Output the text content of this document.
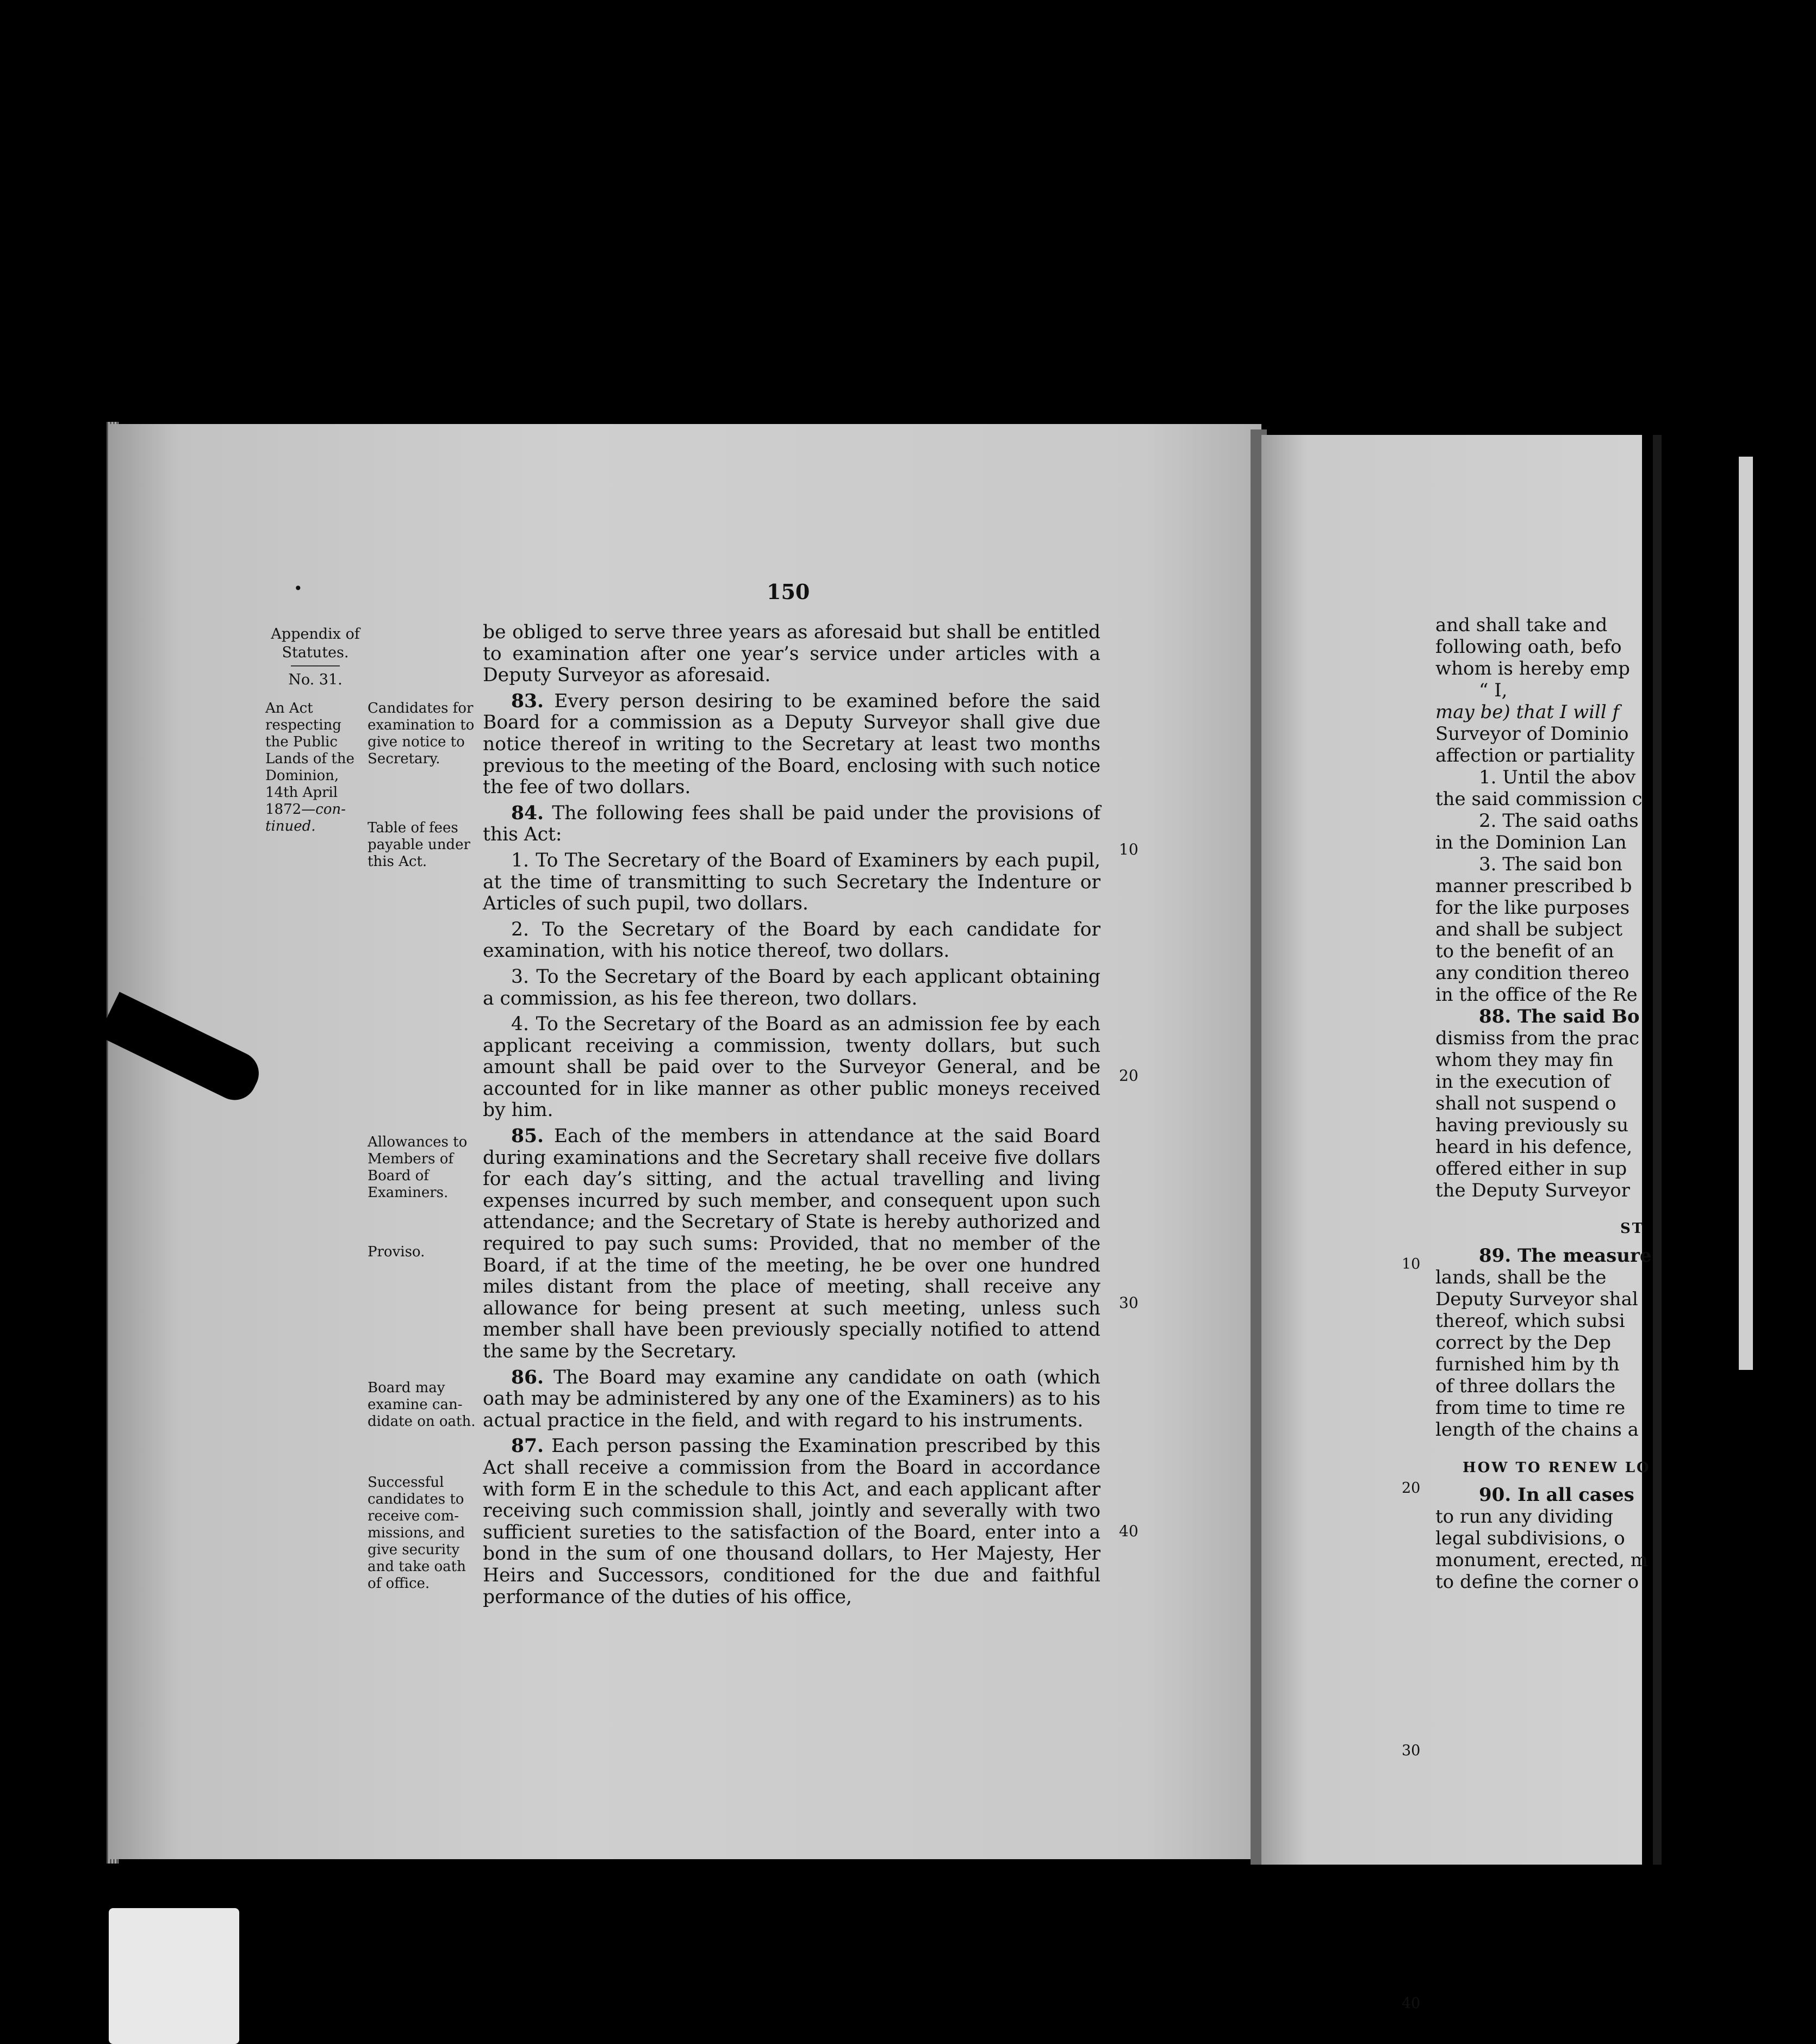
and shall take and
following oath, befo
whom is hereby emp
“ I,
may be) that I will f
Surveyor of Dominio
affection or partiality
1. Until the abov
the said commission c
2. The said oaths
in the Dominion Lan
3. The said bon
manner prescribed b
for the like purposes
and shall be subject
to the benefit of an
any condition thereo
in the office of the Re
88. The said Bo
dismiss from the prac
whom they may fin
in the execution of
shall not suspend o
having previously su
heard in his defence,
offered either in sup
the Deputy Surveyor
ST
89. The measure
lands, shall be the
Deputy Surveyor shal
thereof, which subsi
correct by the Dep
furnished him by th
of three dollars the
from time to time re
length of the chains a
HOW TO RENEW LO
90. In all cases
to run any dividing
legal subdivisions, o
monument, erected, m
to define the corner o
10
20
30
40
•	150
Appendix of Statutes.
No. 31.
An Act respecting the Public Lands of the Dominion, 14th April 1872—continued.
Candidates for examination to give notice to Secretary.
Table of fees payable under this Act.
Allowances to Members of Board of Examiners.
Proviso.
Board may examine candidate on oath.
Successful candidates to receive commissions, and give security and take oath of office.

be obliged to serve three years as aforesaid but shall be entitled to examination after one year’s service under articles with a Deputy Surveyor as aforesaid.

83. Every person desiring to be examined before the said Board for a commission as a Deputy Surveyor shall give due notice thereof in writing to the Secretary at least two months previous to the meeting of the Board, enclosing with such notice the fee of two dollars.

84. The following fees shall be paid under the provisions of this Act:

1. To The Secretary of the Board of Examiners by each pupil, at the time of transmitting to such Secretary the Indenture or Articles of such pupil, two dollars.

2. To the Secretary of the Board by each candidate for examination, with his notice thereof, two dollars.

3. To the Secretary of the Board by each applicant obtaining a commission, as his fee thereon, two dollars.

4. To the Secretary of the Board as an admission fee by each applicant receiving a commission, twenty dollars, but such amount shall be paid over to the Surveyor General, and be accounted for in like manner as other public moneys received by him.

85. Each of the members in attendance at the said Board during examinations and the Secretary shall receive five dollars for each day’s sitting, and the actual travelling and living expenses incurred by such member, and consequent upon such attendance; and the Secretary of State is hereby authorized and required to pay such sums: Provided, that no member of the Board, if at the time of the meeting, he be over one hundred miles distant from the place of meeting, shall receive any allowance for being present at such meeting, unless such member shall have been previously specially notified to attend the same by the Secretary.

86. The Board may examine any candidate on oath (which oath may be administered by any one of the Examiners) as to his actual practice in the field, and with regard to his instruments.

87. Each person passing the Examination prescribed by this Act shall receive a commission from the Board in accordance with form E in the schedule to this Act, and each applicant after receiving such commission shall, jointly and severally with two sufficient sureties to the satisfaction of the Board, enter into a bond in the sum of one thousand dollars, to Her Majesty, Her Heirs and Successors, conditioned for the due and faithful performance of the duties of his office,

10
20
30
40
